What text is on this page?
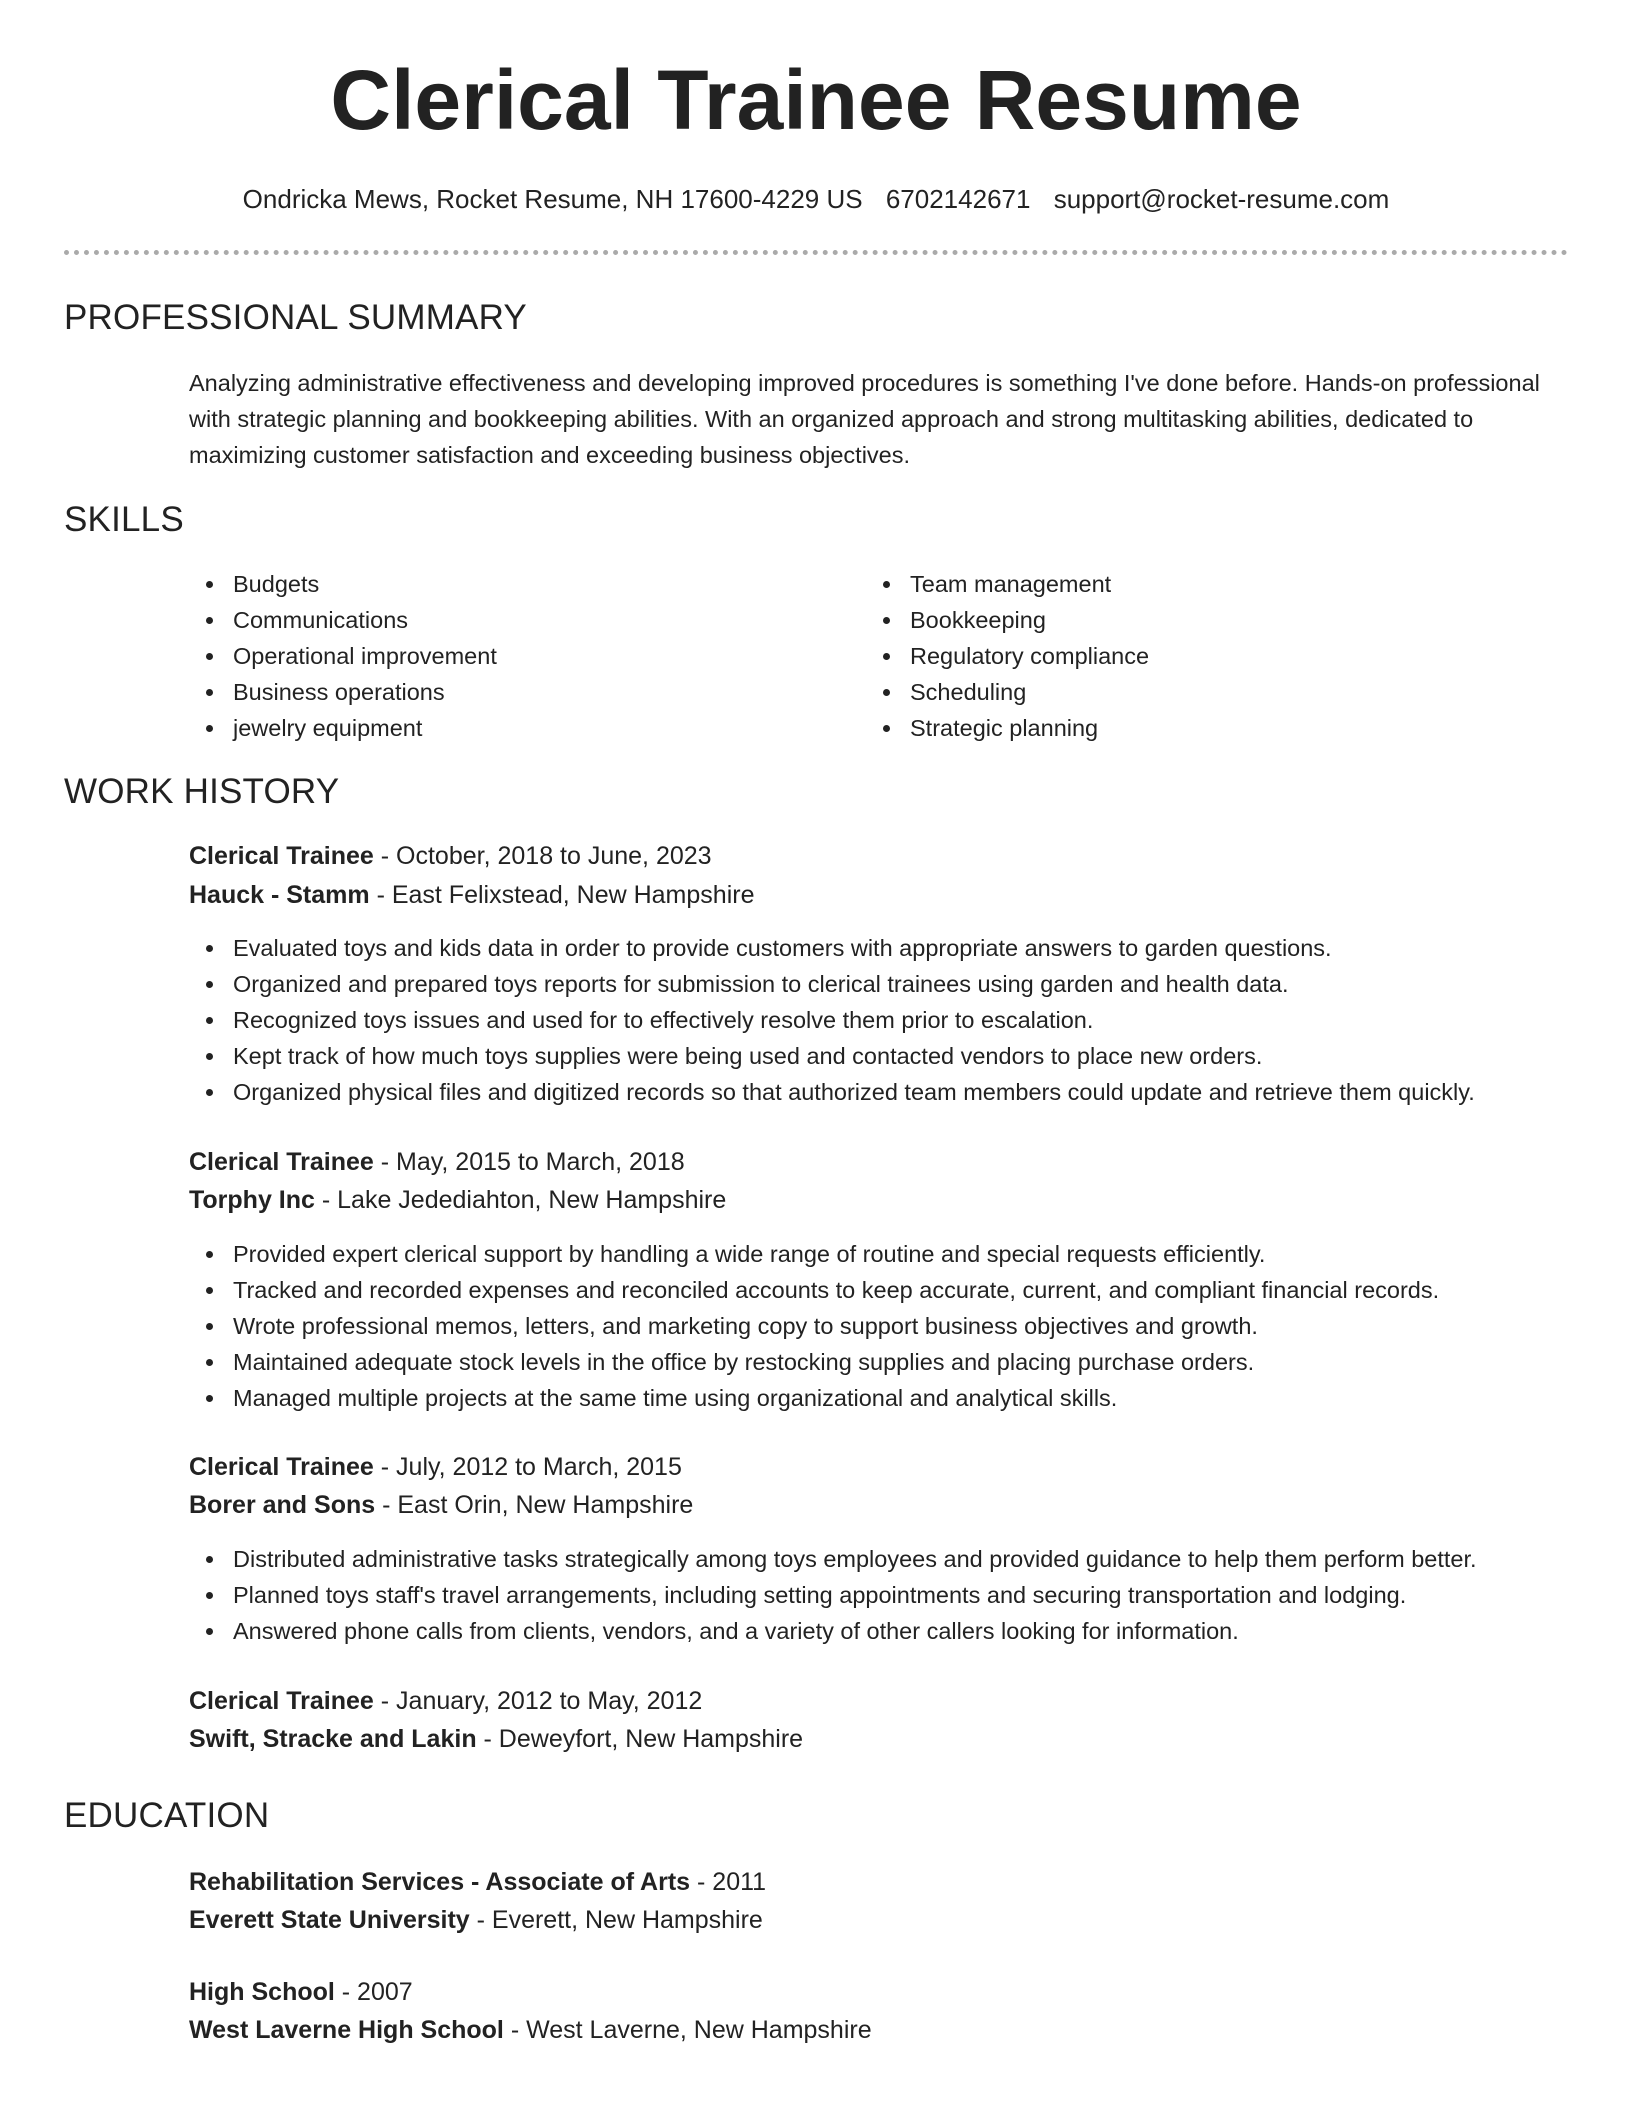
Clerical Trainee Resume
Ondricka Mews, Rocket Resume, NH 17600-4229 US 6702142671 support@rocket-resume.com
PROFESSIONAL SUMMARY

Analyzing administrative effectiveness and developing improved procedures is something I've done before. Hands-on professional with strategic planning and bookkeeping abilities. With an organized approach and strong multitasking abilities, dedicated to maximizing customer satisfaction and exceeding business objectives.

SKILLS
Budgets
Communications
Operational improvement
Business operations
jewelry equipment
Team management
Bookkeeping
Regulatory compliance
Scheduling
Strategic planning
WORK HISTORY
Clerical Trainee - October, 2018 to June, 2023
Hauck - Stamm - East Felixstead, New Hampshire
Evaluated toys and kids data in order to provide customers with appropriate answers to garden questions.
Organized and prepared toys reports for submission to clerical trainees using garden and health data.
Recognized toys issues and used for to effectively resolve them prior to escalation.
Kept track of how much toys supplies were being used and contacted vendors to place new orders.
Organized physical files and digitized records so that authorized team members could update and retrieve them quickly.
Clerical Trainee - May, 2015 to March, 2018
Torphy Inc - Lake Jedediahton, New Hampshire
Provided expert clerical support by handling a wide range of routine and special requests efficiently.
Tracked and recorded expenses and reconciled accounts to keep accurate, current, and compliant financial records.
Wrote professional memos, letters, and marketing copy to support business objectives and growth.
Maintained adequate stock levels in the office by restocking supplies and placing purchase orders.
Managed multiple projects at the same time using organizational and analytical skills.
Clerical Trainee - July, 2012 to March, 2015
Borer and Sons - East Orin, New Hampshire
Distributed administrative tasks strategically among toys employees and provided guidance to help them perform better.
Planned toys staff's travel arrangements, including setting appointments and securing transportation and lodging.
Answered phone calls from clients, vendors, and a variety of other callers looking for information.
Clerical Trainee - January, 2012 to May, 2012
Swift, Stracke and Lakin - Deweyfort, New Hampshire
EDUCATION
Rehabilitation Services - Associate of Arts - 2011
Everett State University - Everett, New Hampshire
High School - 2007
West Laverne High School - West Laverne, New Hampshire
